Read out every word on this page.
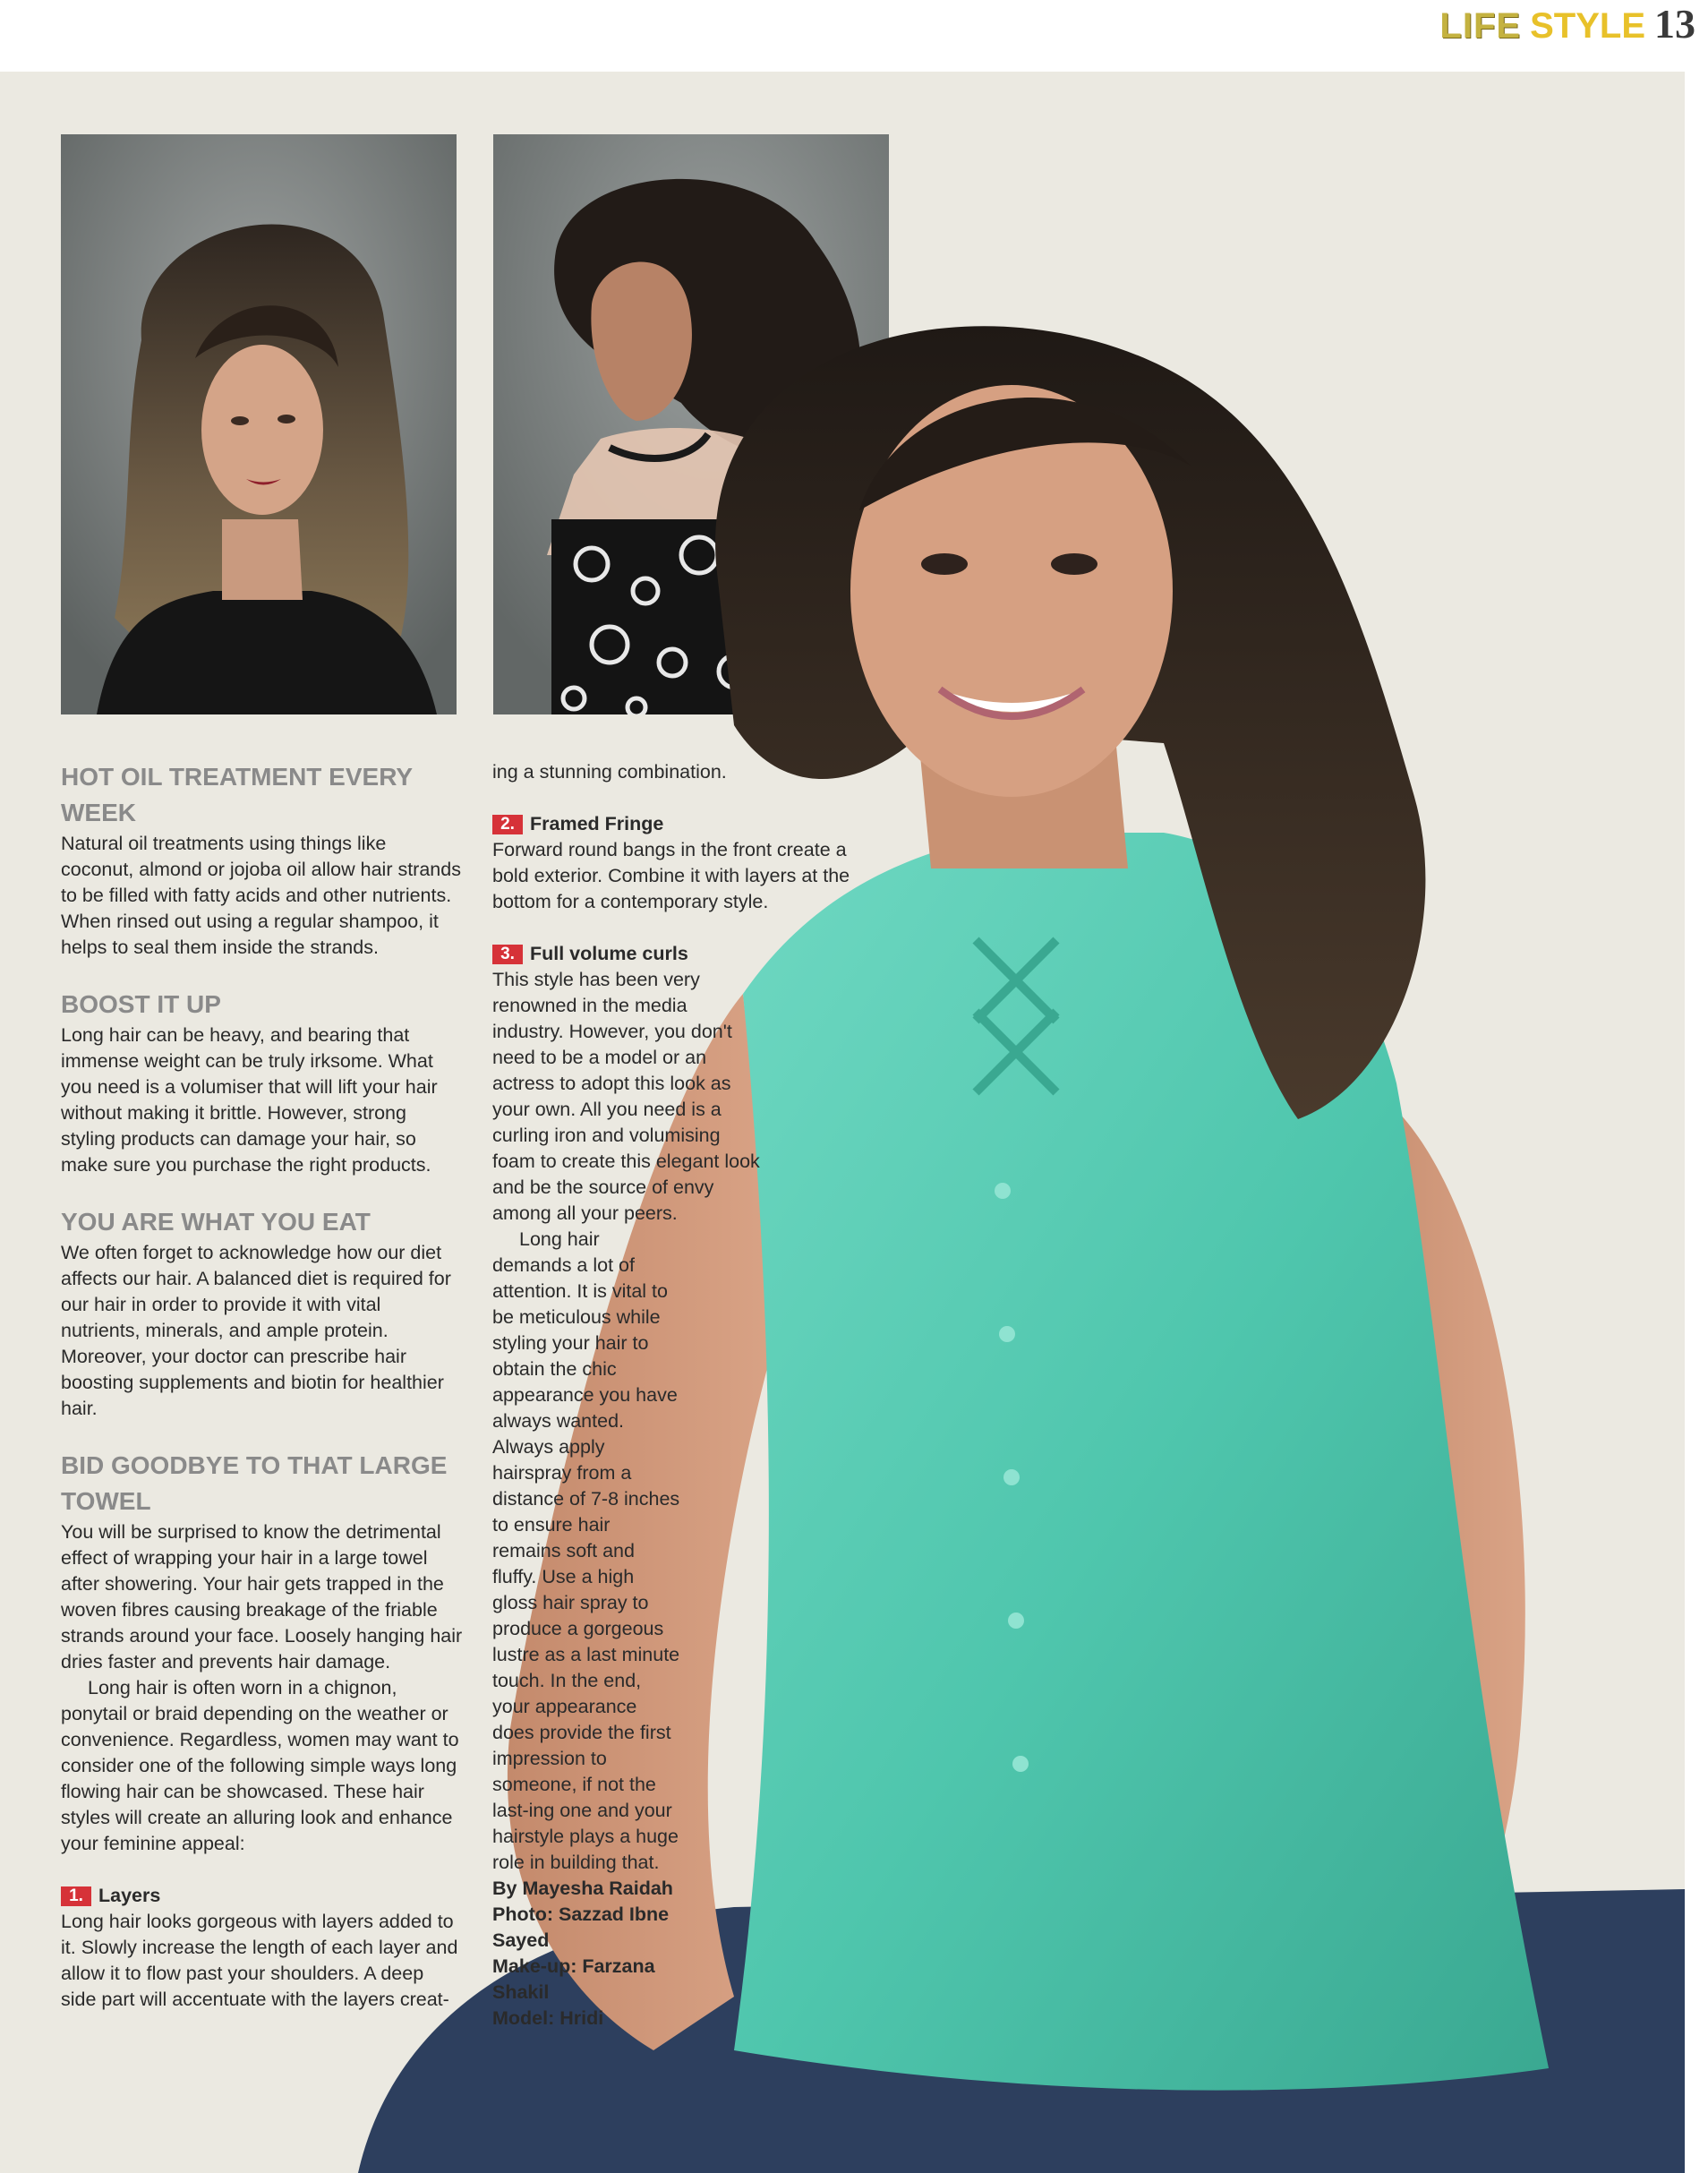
LIFE STYLE 13

HOT OIL TREATMENT EVERY
WEEK

Natural oil treatments using things like coconut, almond or jojoba oil allow hair strands to be filled with fatty acids and other nutrients. When rinsed out using a regular shampoo, it helps to seal them inside the strands.

BOOST IT UP

Long hair can be heavy, and bearing that immense weight can be truly irksome. What you need is a volumiser that will lift your hair without making it brittle. However, strong styling products can damage your hair, so make sure you purchase the right products.

YOU ARE WHAT YOU EAT

We often forget to acknowledge how our diet affects our hair. A balanced diet is required for our hair in order to provide it with vital nutrients, minerals, and ample protein. Moreover, your doctor can prescribe hair boosting supplements and biotin for healthier hair.

BID GOODBYE TO THAT LARGE
TOWEL

You will be surprised to know the detrimental effect of wrapping your hair in a large towel after showering. Your hair gets trapped in the woven fibres causing breakage of the friable strands around your face. Loosely hanging hair dries faster and prevents hair damage.

Long hair is often worn in a chignon, ponytail or braid depending on the weather or convenience. Regardless, women may want to consider one of the following simple ways long flowing hair can be showcased. These hair styles will create an alluring look and enhance your feminine appeal:

1. Layers

Long hair looks gorgeous with layers added to it. Slowly increase the length of each layer and allow it to flow past your shoulders. A deep side part will accentuate with the layers creat-

ing a stunning combination.

2. Framed Fringe

Forward round bangs in the front create a bold exterior. Combine it with layers at the bottom for a contemporary style.

3. Full volume curls

This style has been very renowned in the media industry. However, you don't need to be a model or an actress to adopt this look as your own. All you need is a curling iron and volumising foam to create this elegant look and be the source of envy among all your peers.

Long hair demands a lot of attention. It is vital to be meticulous while styling your hair to obtain the chic appearance you have always wanted. Always apply hairspray from a distance of 7-8 inches to ensure hair remains soft and fluffy. Use a high gloss hair spray to produce a gorgeous lustre as a last minute touch. In the end, your appearance does provide the first impression to someone, if not the last-ing one and your hairstyle plays a huge role in building that.

By Mayesha Raidah

Photo: Sazzad Ibne Sayed

Make-up: Farzana Shakil

Model: Hridi
